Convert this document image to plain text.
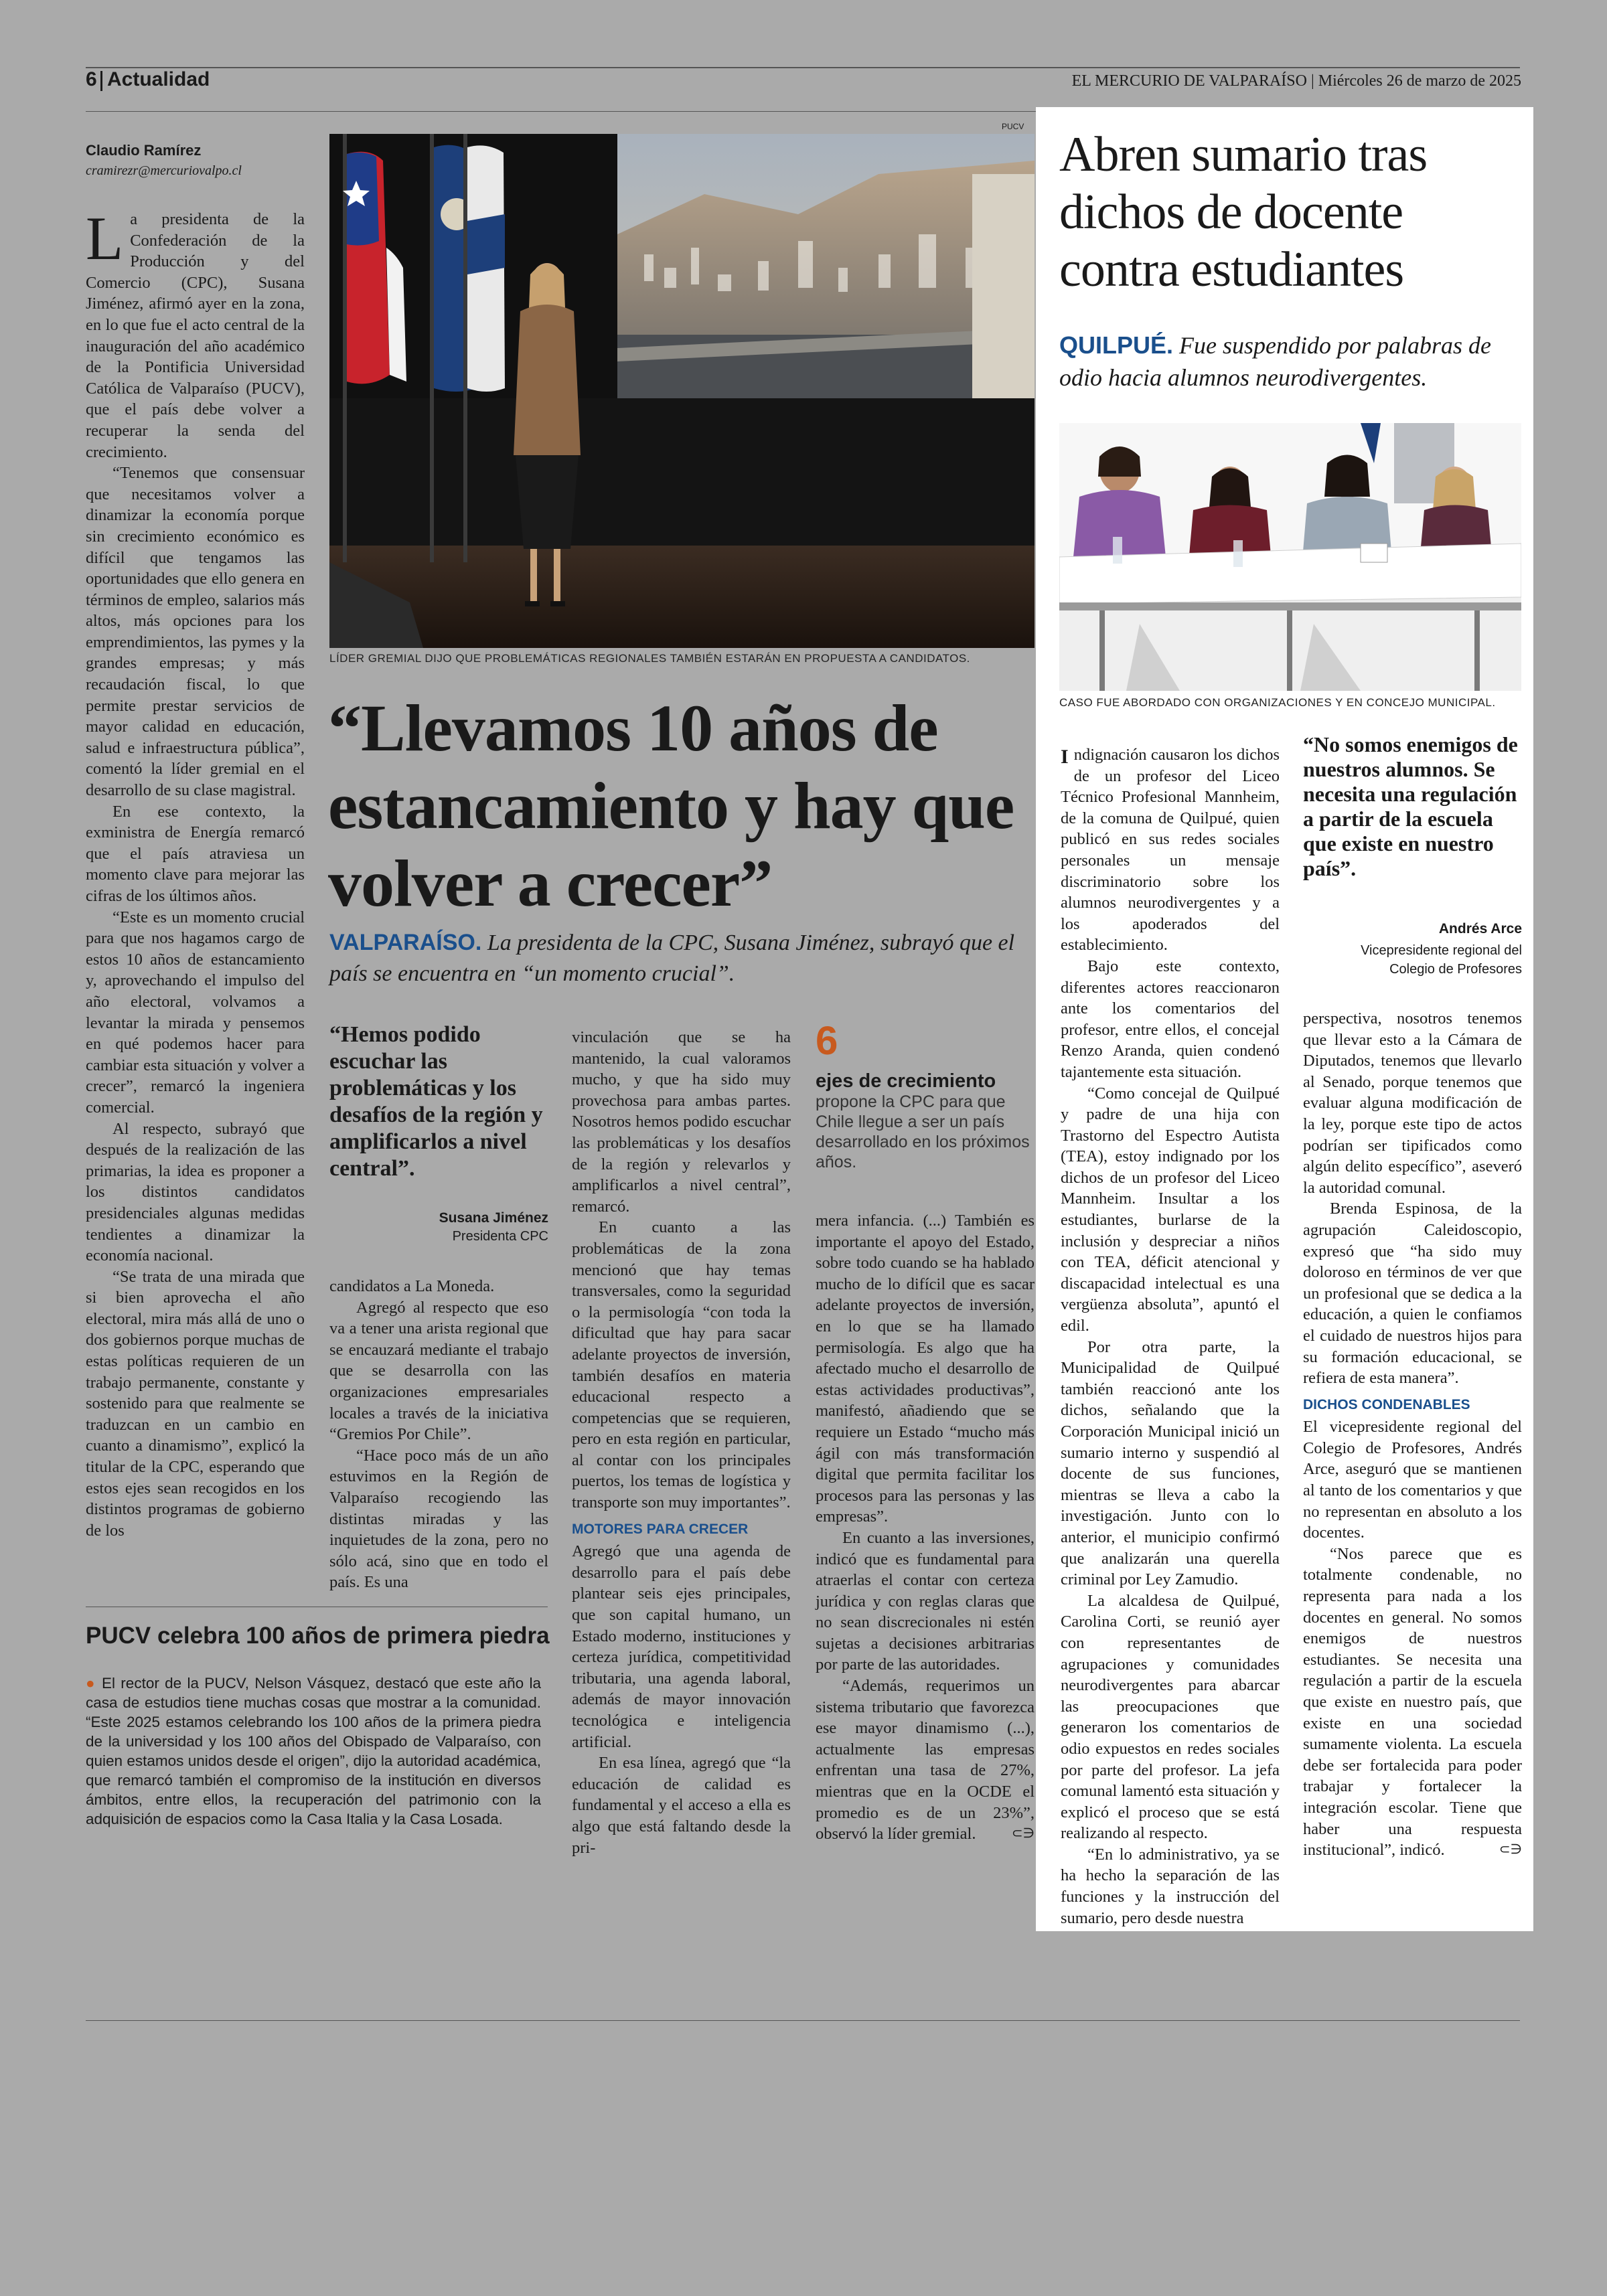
6 Actualidad	EL MERCURIO DE VALPARAÍSO | Miércoles 26 de marzo de 2025
Claudio Ramírez
cramirezr@mercuriovalpo.cl
PUCV
LÍDER GREMIAL DIJO QUE PROBLEMÁTICAS REGIONALES TAMBIÉN ESTARÁN EN PROPUESTA A CANDIDATOS.
“Llevamos 10 años de estancamiento y hay que volver a crecer”
VALPARAÍSO. La presidenta de la CPC, Susana Jiménez, subrayó que el país se encuentra en “un momento crucial”.

La presidenta de la Confederación de la Producción y del Comercio (CPC), Susana Jiménez, afirmó ayer en la zona, en lo que fue el acto central de la inauguración del año académico de la Pontificia Universidad Católica de Valparaíso (PUCV), que el país debe volver a recuperar la senda del crecimiento.

“Tenemos que consensuar que necesitamos volver a dinamizar la economía porque sin crecimiento económico es difícil que tengamos las oportunidades que ello genera en términos de empleo, salarios más altos, más opciones para los emprendimientos, las pymes y la grandes empresas; y más recaudación fiscal, lo que permite prestar servicios de mayor calidad en educación, salud e infraestructura pública”, comentó la líder gremial en el desarrollo de su clase magistral.

En ese contexto, la exministra de Energía remarcó que el país atraviesa un momento clave para mejorar las cifras de los últimos años.

“Este es un momento crucial para que nos hagamos cargo de estos 10 años de estancamiento y, aprovechando el impulso del año electoral, volvamos a levantar la mirada y pensemos en qué podemos hacer para cambiar esta situación y volver a crecer”, remarcó la ingeniera comercial.

Al respecto, subrayó que después de la realización de las primarias, la idea es proponer a los distintos candidatos presidenciales algunas medidas tendientes a dinamizar la economía nacional.

“Se trata de una mirada que si bien aprovecha el año electoral, mira más allá de uno o dos gobiernos porque muchas de estas políticas requieren de un trabajo permanente, constante y sostenido para que realmente se traduzcan en un cambio en cuanto a dinamismo”, explicó la titular de la CPC, esperando que estos ejes sean recogidos en los distintos programas de gobierno de los

“Hemos podido escuchar las problemáticas y los desafíos de la región y amplificarlos a nivel central”.
Susana Jiménez
Presidenta CPC

candidatos a La Moneda.

Agregó al respecto que eso va a tener una arista regional que se encauzará mediante el trabajo que se desarrolla con las organizaciones empresariales locales a través de la iniciativa “Gremios Por Chile”.

“Hace poco más de un año estuvimos en la Región de Valparaíso recogiendo las distintas miradas y las inquietudes de la zona, pero no sólo acá, sino que en todo el país. Es una

vinculación que se ha mantenido, la cual valoramos mucho, y que ha sido muy provechosa para ambas partes. Nosotros hemos podido escuchar las problemáticas y los desafíos de la región y relevarlos y amplificarlos a nivel central”, remarcó.

En cuanto a las problemáticas de la zona mencionó que hay temas transversales, como la seguridad o la permisología “con toda la dificultad que hay para sacar adelante proyectos de inversión, también desafíos en materia educacional respecto a competencias que se requieren, pero en esta región en particular, al contar con los principales puertos, los temas de logística y transporte son muy importantes”.

MOTORES PARA CRECER

Agregó que una agenda de desarrollo para el país debe plantear seis ejes principales, que son capital humano, un Estado moderno, instituciones y certeza jurídica, competitividad tributaria, una agenda laboral, además de mayor innovación tecnológica e inteligencia artificial.

En esa línea, agregó que “la educación de calidad es fundamental y el acceso a ella es algo que está faltando desde la pri-

6
ejes de crecimiento propone la CPC para que Chile llegue a ser un país desarrollado en los próximos años.

mera infancia. (...) También es importante el apoyo del Estado, sobre todo cuando se ha hablado mucho de lo difícil que es sacar adelante proyectos de inversión, en lo que se ha llamado permisología. Es algo que ha afectado mucho el desarrollo de estas actividades productivas”, manifestó, añadiendo que se requiere un Estado “mucho más ágil con más transformación digital que permita facilitar los procesos para las personas y las empresas”.

En cuanto a las inversiones, indicó que es fundamental para atraerlas el contar con certeza jurídica y con reglas claras que no sean discrecionales ni estén sujetas a decisiones arbitrarias por parte de las autoridades.

“Además, requerimos un sistema tributario que favorezca ese mayor dinamismo (...), actualmente las empresas enfrentan una tasa de 27%, mientras que en la OCDE el promedio es de un 23%”, observó la líder gremial.	⊂∋

PUCV celebra 100 años de primera piedra
● El rector de la PUCV, Nelson Vásquez, destacó que este año la casa de estudios tiene muchas cosas que mostrar a la comunidad. “Este 2025 estamos celebrando los 100 años de la primera piedra de la universidad y los 100 años del Obispado de Valparaíso, con quien estamos unidos desde el origen”, dijo la autoridad académica, que remarcó también el compromiso de la institución en diversos ámbitos, entre ellos, la recuperación del patrimonio con la adquisición de espacios como la Casa Italia y la Casa Losada.
Abren sumario tras dichos de docente contra estudiantes
QUILPUÉ. Fue suspendido por palabras de odio hacia alumnos neurodivergentes.
CASO FUE ABORDADO CON ORGANIZACIONES Y EN CONCEJO MUNICIPAL.

I ndignación causaron los dichos de un profesor del Liceo Técnico Profesional Mannheim, de la comuna de Quilpué, quien publicó en sus redes sociales personales un mensaje discriminatorio sobre los alumnos neurodivergentes y a los apoderados del establecimiento.

Bajo este contexto, diferentes actores reaccionaron ante los comentarios del profesor, entre ellos, el concejal Renzo Aranda, quien condenó tajantemente esta situación.

“Como concejal de Quilpué y padre de una hija con Trastorno del Espectro Autista (TEA), estoy indignado por los dichos de un profesor del Liceo Mannheim. Insultar a los estudiantes, burlarse de la inclusión y despreciar a niños con TEA, déficit atencional y discapacidad intelectual es una vergüenza absoluta”, apuntó el edil.

Por otra parte, la Municipalidad de Quilpué también reaccionó ante los dichos, señalando que la Corporación Municipal inició un sumario interno y suspendió al docente de sus funciones, mientras se lleva a cabo la investigación. Junto con lo anterior, el municipio confirmó que analizarán una querella criminal por Ley Zamudio.

La alcaldesa de Quilpué, Carolina Corti, se reunió ayer con representantes de agrupaciones y comunidades neurodivergentes para abarcar las preocupaciones que generaron los comentarios de odio expuestos en redes sociales por parte del profesor. La jefa comunal lamentó esta situación y explicó el proceso que se está realizando al respecto.

“En lo administrativo, ya se ha hecho la separación de las funciones y la instrucción del sumario, pero desde nuestra

“No somos enemigos de nuestros alumnos. Se necesita una regulación a partir de la escuela que existe en nuestro país”.
Andrés Arce
Vicepresidente regional del Colegio de Profesores

perspectiva, nosotros tenemos que llevar esto a la Cámara de Diputados, tenemos que llevarlo al Senado, porque tenemos que evaluar alguna modificación de la ley, porque este tipo de actos podrían ser tipificados como algún delito específico”, aseveró la autoridad comunal.

Brenda Espinosa, de la agrupación Caleidoscopio, expresó que “ha sido muy doloroso en términos de ver que un profesional que se dedica a la educación, a quien le confiamos el cuidado de nuestros hijos para su formación educacional, se refiera de esta manera”.

DICHOS CONDENABLES

El vicepresidente regional del Colegio de Profesores, Andrés Arce, aseguró que se mantienen al tanto de los comentarios y que no representan en absoluto a los docentes.

“Nos parece que es totalmente condenable, no representa para nada a los docentes en general. No somos enemigos de nuestros estudiantes. Se necesita una regulación a partir de la escuela que existe en nuestro país, que existe en una sociedad sumamente violenta. La escuela debe ser fortalecida para poder trabajar y fortalecer la integración escolar. Tiene que haber una respuesta institucional”, indicó.	⊂∋
